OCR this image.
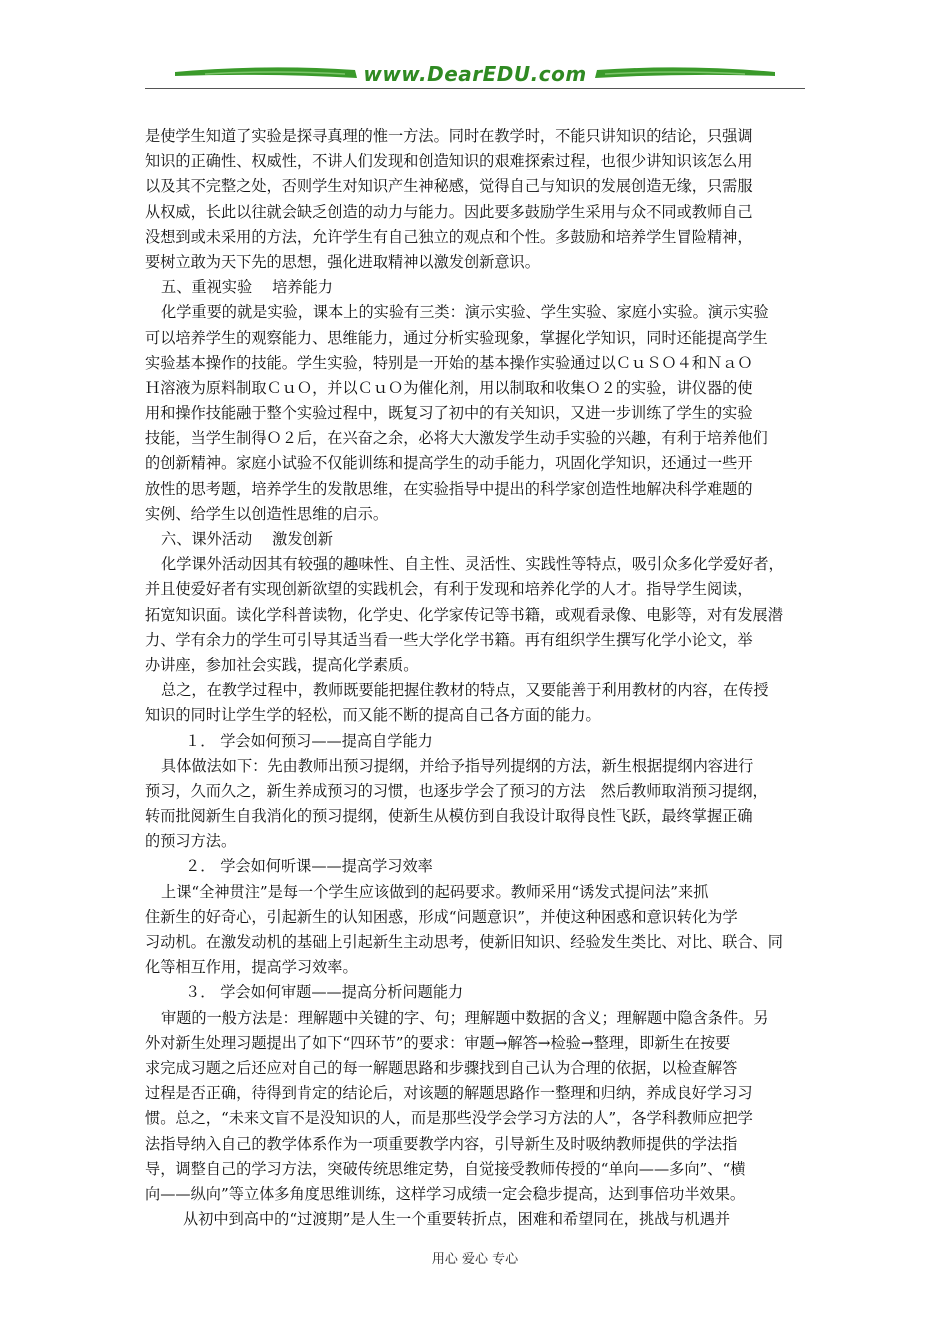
www.DearEDU.com
是使学生知道了实验是探寻真理的惟一方法。同时在教学时，不能只讲知识的结论，只强调
知识的正确性、权威性，不讲人们发现和创造知识的艰难探索过程，也很少讲知识该怎么用
以及其不完整之处，否则学生对知识产生神秘感，觉得自己与知识的发展创造无缘，只需服
从权威，长此以往就会缺乏创造的动力与能力。因此要多鼓励学生采用与众不同或教师自己
没想到或未采用的方法，允许学生有自己独立的观点和个性。多鼓励和培养学生冒险精神，
要树立敢为天下先的思想，强化进取精神以激发创新意识。
五、重视实验　 培养能力
化学重要的就是实验，课本上的实验有三类：演示实验、学生实验、家庭小实验。演示实验
可以培养学生的观察能力、思维能力，通过分析实验现象，掌握化学知识，同时还能提高学生
实验基本操作的技能。学生实验，特别是一开始的基本操作实验通过以ＣｕＳＯ４和ＮａＯ
Ｈ溶液为原料制取ＣｕＯ，并以ＣｕＯ为催化剂，用以制取和收集Ｏ２的实验，讲仪器的使
用和操作技能融于整个实验过程中，既复习了初中的有关知识，又进一步训练了学生的实验
技能，当学生制得Ｏ２后，在兴奋之余，必将大大激发学生动手实验的兴趣，有利于培养他们
的创新精神。家庭小试验不仅能训练和提高学生的动手能力，巩固化学知识，还通过一些开
放性的思考题，培养学生的发散思维，在实验指导中提出的科学家创造性地解决科学难题的
实例、给学生以创造性思维的启示。
六、课外活动　 激发创新
化学课外活动因其有较强的趣味性、自主性、灵活性、实践性等特点，吸引众多化学爱好者，
并且使爱好者有实现创新欲望的实践机会，有利于发现和培养化学的人才。指导学生阅读，
拓宽知识面。读化学科普读物，化学史、化学家传记等书籍，或观看录像、电影等，对有发展潜
力、学有余力的学生可引导其适当看一些大学化学书籍。再有组织学生撰写化学小论文，举
办讲座，参加社会实践，提高化学素质。
总之，在教学过程中，教师既要能把握住教材的特点，又要能善于利用教材的内容，在传授
知识的同时让学生学的轻松，而又能不断的提高自己各方面的能力。
１． 学会如何预习——提高自学能力
具体做法如下：先由教师出预习提纲，并给予指导列提纲的方法，新生根据提纲内容进行
预习，久而久之，新生养成预习的习惯，也逐步学会了预习的方法　然后教师取消预习提纲，
转而批阅新生自我消化的预习提纲，使新生从模仿到自我设计取得良性飞跃，最终掌握正确
的预习方法。
２． 学会如何听课——提高学习效率
上课“全神贯注”是每一个学生应该做到的起码要求。教师采用“诱发式提问法”来抓
住新生的好奇心，引起新生的认知困惑，形成“问题意识”，并使这种困惑和意识转化为学
习动机。在激发动机的基础上引起新生主动思考，使新旧知识、经验发生类比、对比、联合、同
化等相互作用，提高学习效率。
３． 学会如何审题——提高分析问题能力
审题的一般方法是：理解题中关键的字、句；理解题中数据的含义；理解题中隐含条件。另
外对新生处理习题提出了如下“四环节”的要求：审题→解答→检验→整理，即新生在按要
求完成习题之后还应对自己的每一解题思路和步骤找到自己认为合理的依据，以检查解答
过程是否正确，待得到肯定的结论后，对该题的解题思路作一整理和归纳，养成良好学习习
惯。总之，“未来文盲不是没知识的人，而是那些没学会学习方法的人”，各学科教师应把学
法指导纳入自己的教学体系作为一项重要教学内容，引导新生及时吸纳教师提供的学法指
导，调整自己的学习方法，突破传统思维定势，自觉接受教师传授的“单向——多向”、“横
向——纵向”等立体多角度思维训练，这样学习成绩一定会稳步提高，达到事倍功半效果。
从初中到高中的“过渡期”是人生一个重要转折点，困难和希望同在，挑战与机遇并
用心 爱心 专心
